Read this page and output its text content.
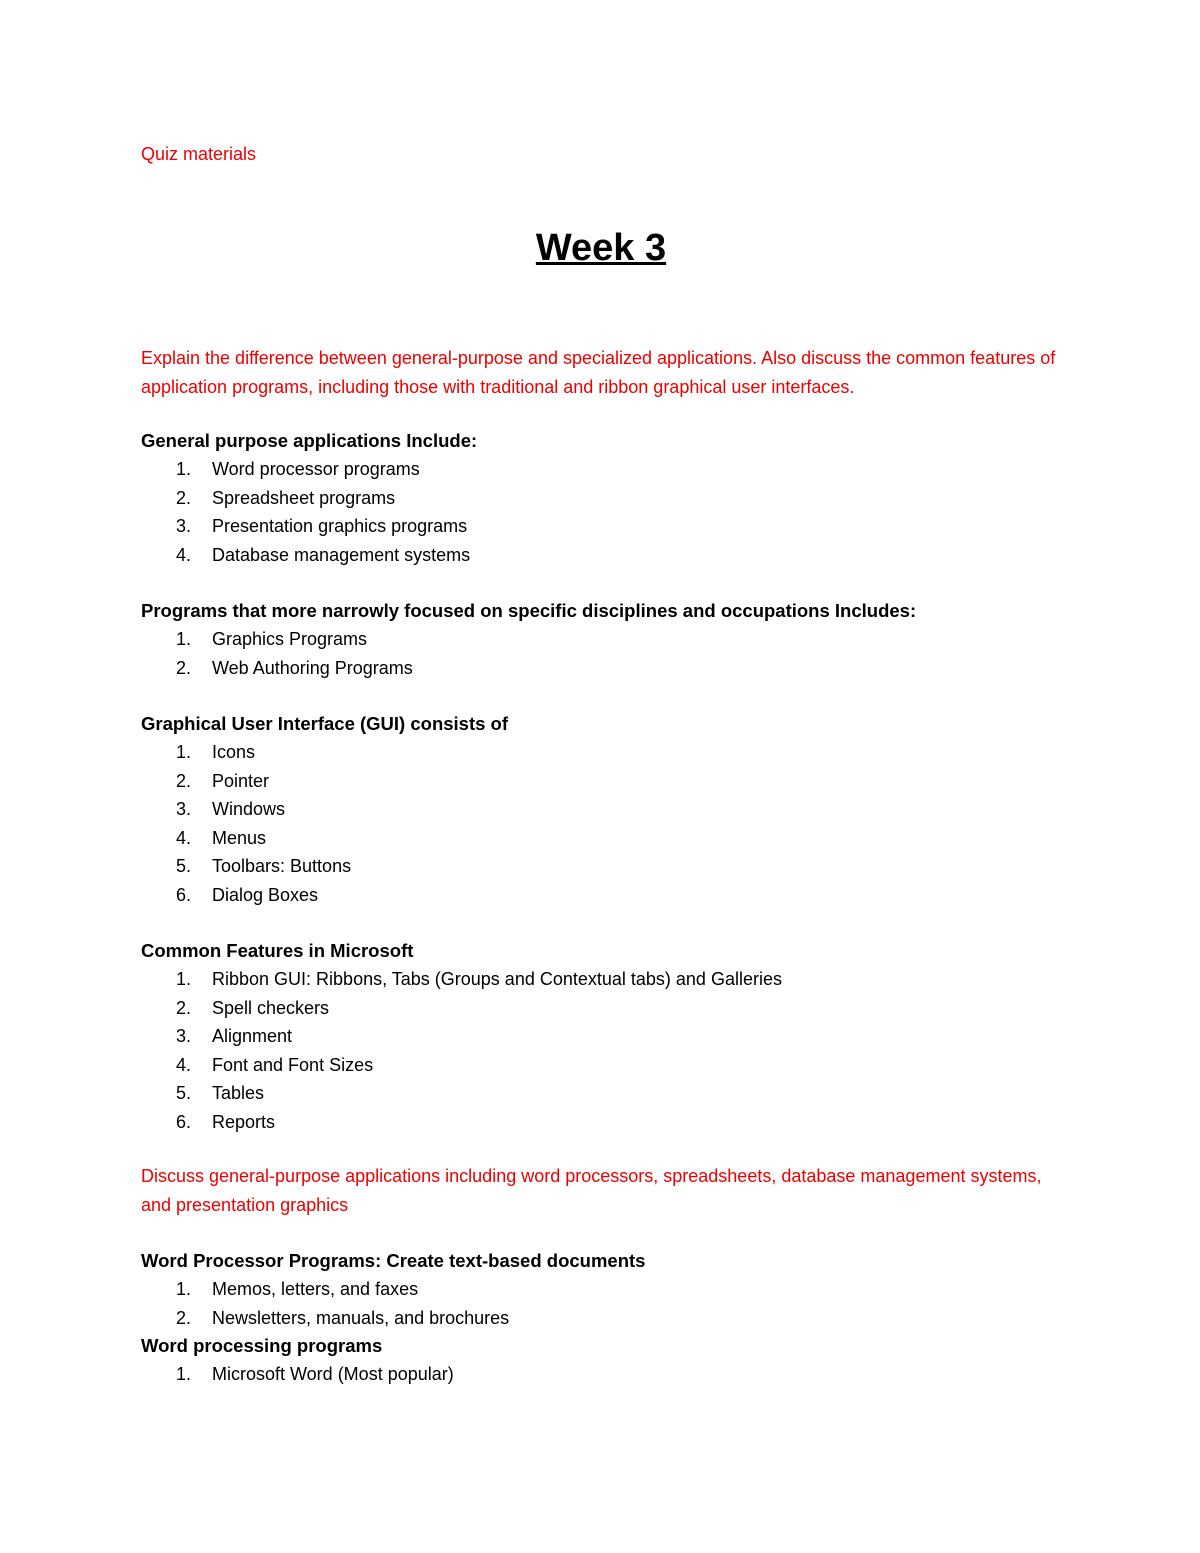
Quiz materials

Week 3

Explain the difference between general-purpose and specialized applications. Also discuss the common features of application programs, including those with traditional and ribbon graphical user interfaces.

General purpose applications Include:

1.	Word processor programs
2.	Spreadsheet programs
3.	Presentation graphics programs
4.	Database management systems

Programs that more narrowly focused on specific disciplines and occupations Includes:

1.	Graphics Programs
2.	Web Authoring Programs

Graphical User Interface (GUI) consists of

1.	Icons
2.	Pointer
3.	Windows
4.	Menus
5.	Toolbars: Buttons
6.	Dialog Boxes

Common Features in Microsoft

1.	Ribbon GUI: Ribbons, Tabs (Groups and Contextual tabs) and Galleries
2.	Spell checkers
3.	Alignment
4.	Font and Font Sizes
5.	Tables
6.	Reports

Discuss general-purpose applications including word processors, spreadsheets, database management systems, and presentation graphics

Word Processor Programs: Create text-based documents

1.	Memos, letters, and faxes
2.	Newsletters, manuals, and brochures

Word processing programs

1.	Microsoft Word (Most popular)
